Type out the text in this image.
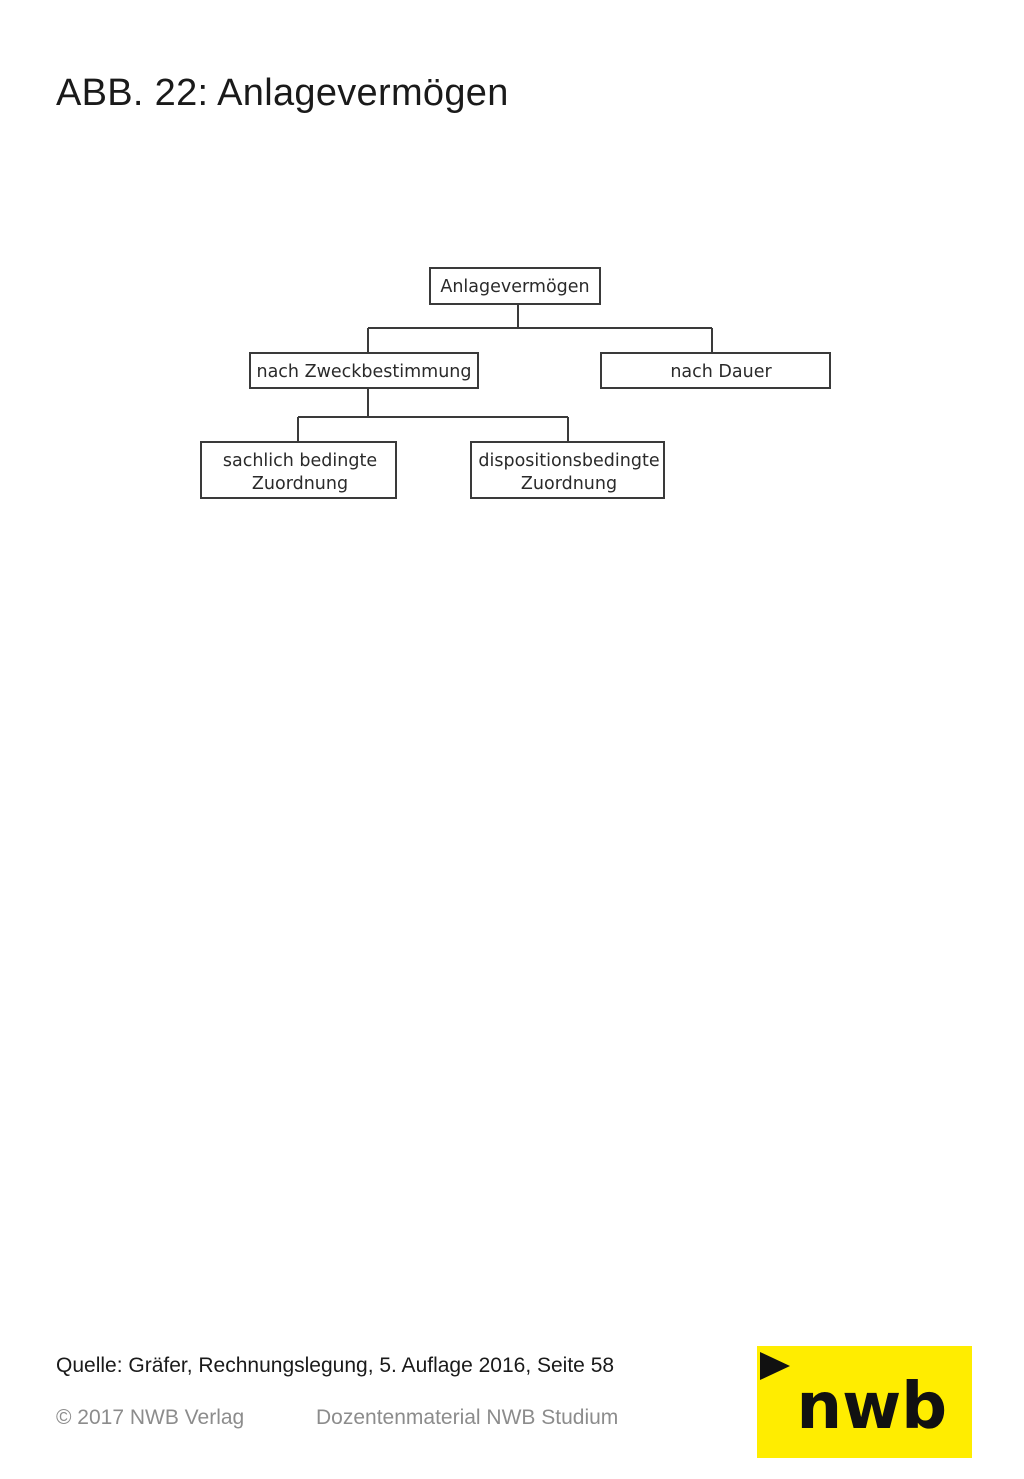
ABB. 22: Anlagevermögen
Anlagevermögen
nach Zweckbestimmung	nach Dauer
sachlich bedingte
Zuordnung
dispositionsbedingte
Zuordnung

Quelle: Gräfer, Rechnungslegung, 5. Auflage 2016, Seite 58

© 2017 NWB Verlag	Dozentenmaterial NWB Studium	nwb
